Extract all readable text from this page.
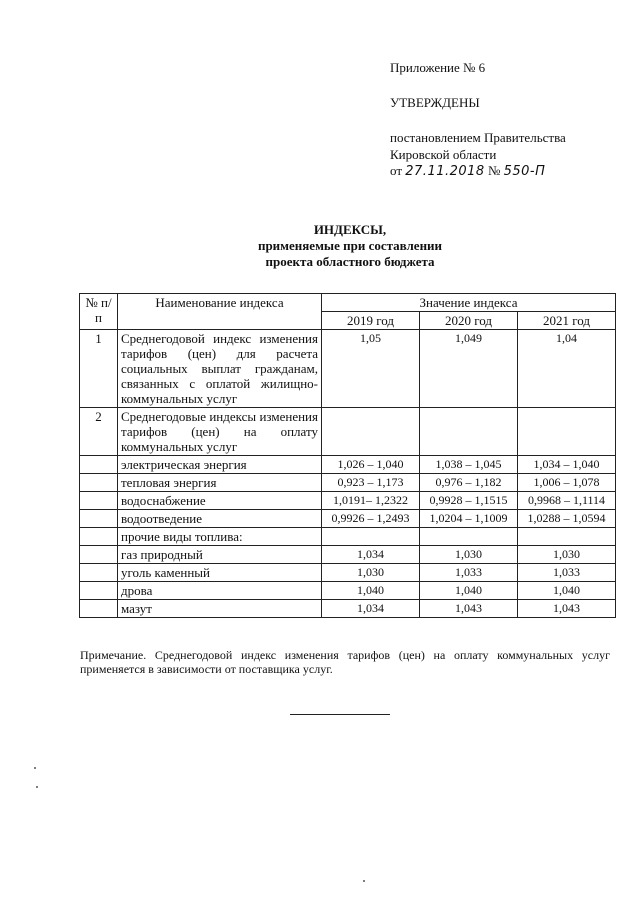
Приложение № 6
УТВЕРЖДЕНЫ
постановлением Правительства
Кировской области
от 27.11.2018 № 550-П
ИНДЕКСЫ,
применяемые при составлении
проекта областного бюджета
№ п/п	Наименование индекса	Значение индекса		
		2019 год	2020 год	2021 год
1	Среднегодовой индекс изменения тарифов (цен) для расчета социальных выплат гражданам, связанных с оплатой жилищно-коммунальных услуг	1,05	1,049	1,04
2	Среднегодовые индексы изменения тарифов (цен) на оплату коммунальных услуг			
	электрическая энергия	1,026 – 1,040	1,038 – 1,045	1,034 – 1,040
	тепловая энергия	0,923 – 1,173	0,976 – 1,182	1,006 – 1,078
	водоснабжение	1,0191– 1,2322	0,9928 – 1,1515	0,9968 – 1,1114
	водоотведение	0,9926 – 1,2493	1,0204 – 1,1009	1,0288 – 1,0594
	прочие виды топлива:			
	газ природный	1,034	1,030	1,030
	уголь каменный	1,030	1,033	1,033
	дрова	1,040	1,040	1,040
	мазут	1,034	1,043	1,043
Примечание. Среднегодовой индекс изменения тарифов (цен) на оплату коммунальных услуг применяется в зависимости от поставщика услуг.
